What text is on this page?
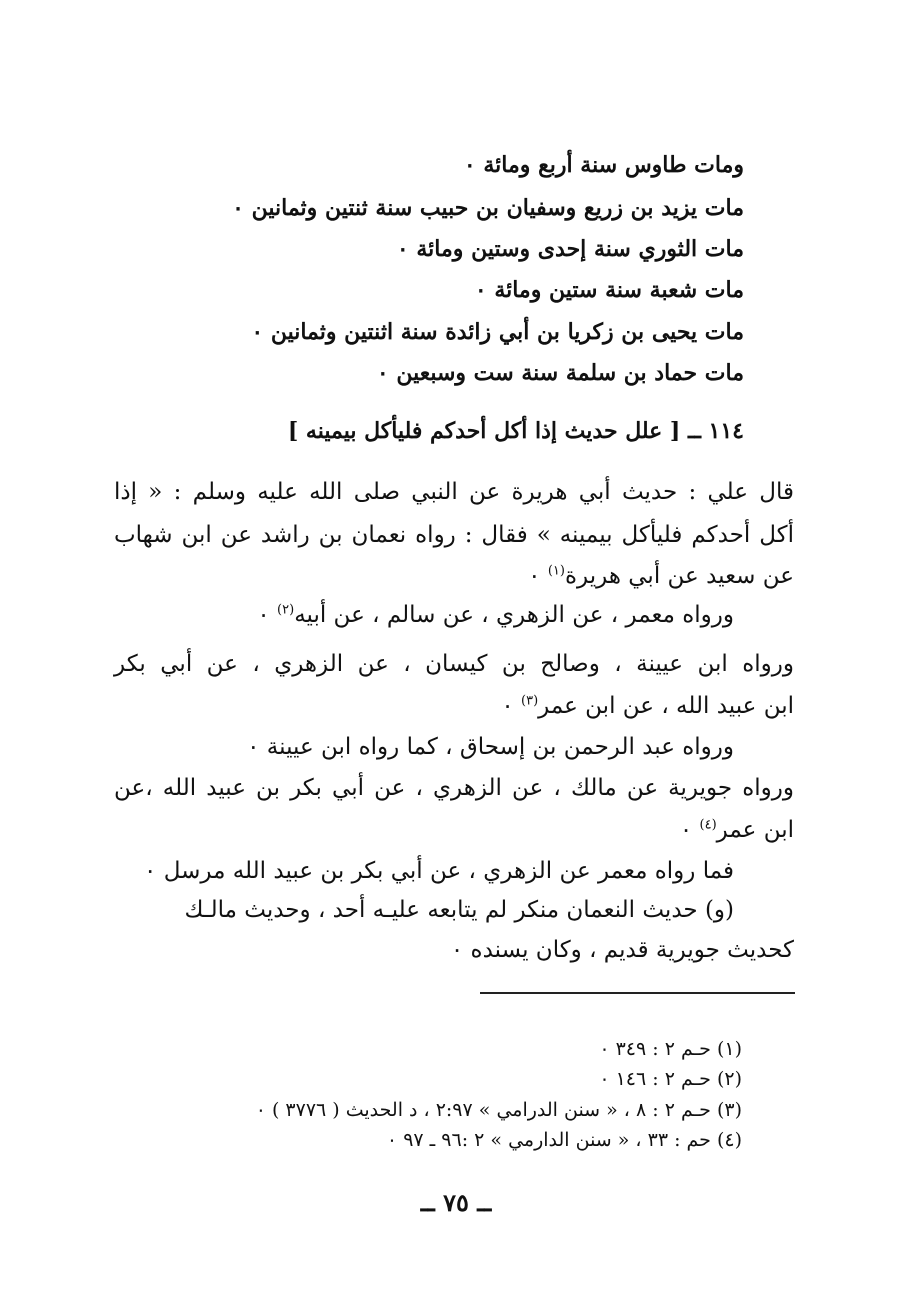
ومات طاوس سنة أربع ومائة ٠
مات يزيد بن زريع وسفيان بن حبيب سنة ثنتين وثمانين ٠
مات الثوري سنة إحدى وستين ومائة ٠
مات شعبة سنة ستين ومائة ٠
مات يحيى بن زكريا بن أبي زائدة سنة اثنتين وثمانين ٠
مات حماد بن سلمة سنة ست وسبعين ٠
١١٤ ــ [ علل حديث إذا أكل أحدكم فليأكل بيمينه ]
قال علي : حديث أبي هريرة عن النبي صلى الله عليه وسلم : « إذا
أكل أحدكم فليأكل بيمينه » فقال : رواه نعمان بن راشد عن ابن شهاب
عن سعيد عن أبي هريرة$^{(١)}$ ٠
ورواه معمر ، عن الزهري ، عن سالم ، عن أبيه$^{(٢)}$ ٠
ورواه ابن عيينة ، وصالح بن كيسان ، عن الزهري ، عن أبي بكر
ابن عبيد الله ، عن ابن عمر$^{(٣)}$ ٠
ورواه عبد الرحمن بن إسحاق ، كما رواه ابن عيينة ٠
ورواه جويرية عن مالك ، عن الزهري ، عن أبي بكر بن عبيد الله ،عن
ابن عمر$^{(٤)}$ ٠
فما رواه معمر عن الزهري ، عن أبي بكر بن عبيد الله مرسل ٠
(و) حديث النعمان منكر لم يتابعه عليـه أحد ، وحديث مالـك
كحديث جويرية قديم ، وكان يسنده ٠
(١) حـم ٢ : ٣٤٩ ٠
(٢) حـم ٢ : ١٤٦ ٠
(٣) حـم ٢ : ٨ ، « سنن الدرامي » ٢:٩٧ ، د الحديث ( ٣٧٧٦ ) ٠
(٤) حم : ٣٣ ، « سنن الدارمي » ٢ :٩٦ ـ ٩٧ ٠
ــ ٧٥ ــ
